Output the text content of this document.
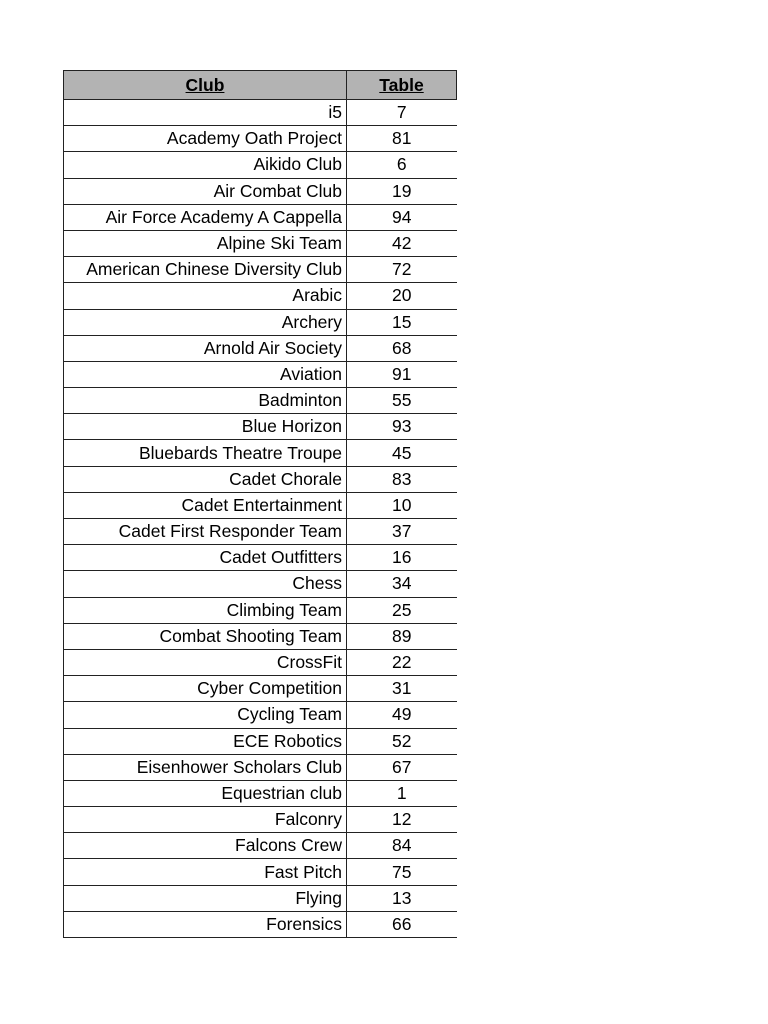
Club	Table
i5	7
Academy Oath Project	81
Aikido Club	6
Air Combat Club	19
Air Force Academy A Cappella	94
Alpine Ski Team	42
American Chinese Diversity Club	72
Arabic	20
Archery	15
Arnold Air Society	68
Aviation	91
Badminton	55
Blue Horizon	93
Bluebards Theatre Troupe	45
Cadet Chorale	83
Cadet Entertainment	10
Cadet First Responder Team	37
Cadet Outfitters	16
Chess	34
Climbing Team	25
Combat Shooting Team	89
CrossFit	22
Cyber Competition	31
Cycling Team	49
ECE Robotics	52
Eisenhower Scholars Club	67
Equestrian club	1
Falconry	12
Falcons Crew	84
Fast Pitch	75
Flying	13
Forensics	66
